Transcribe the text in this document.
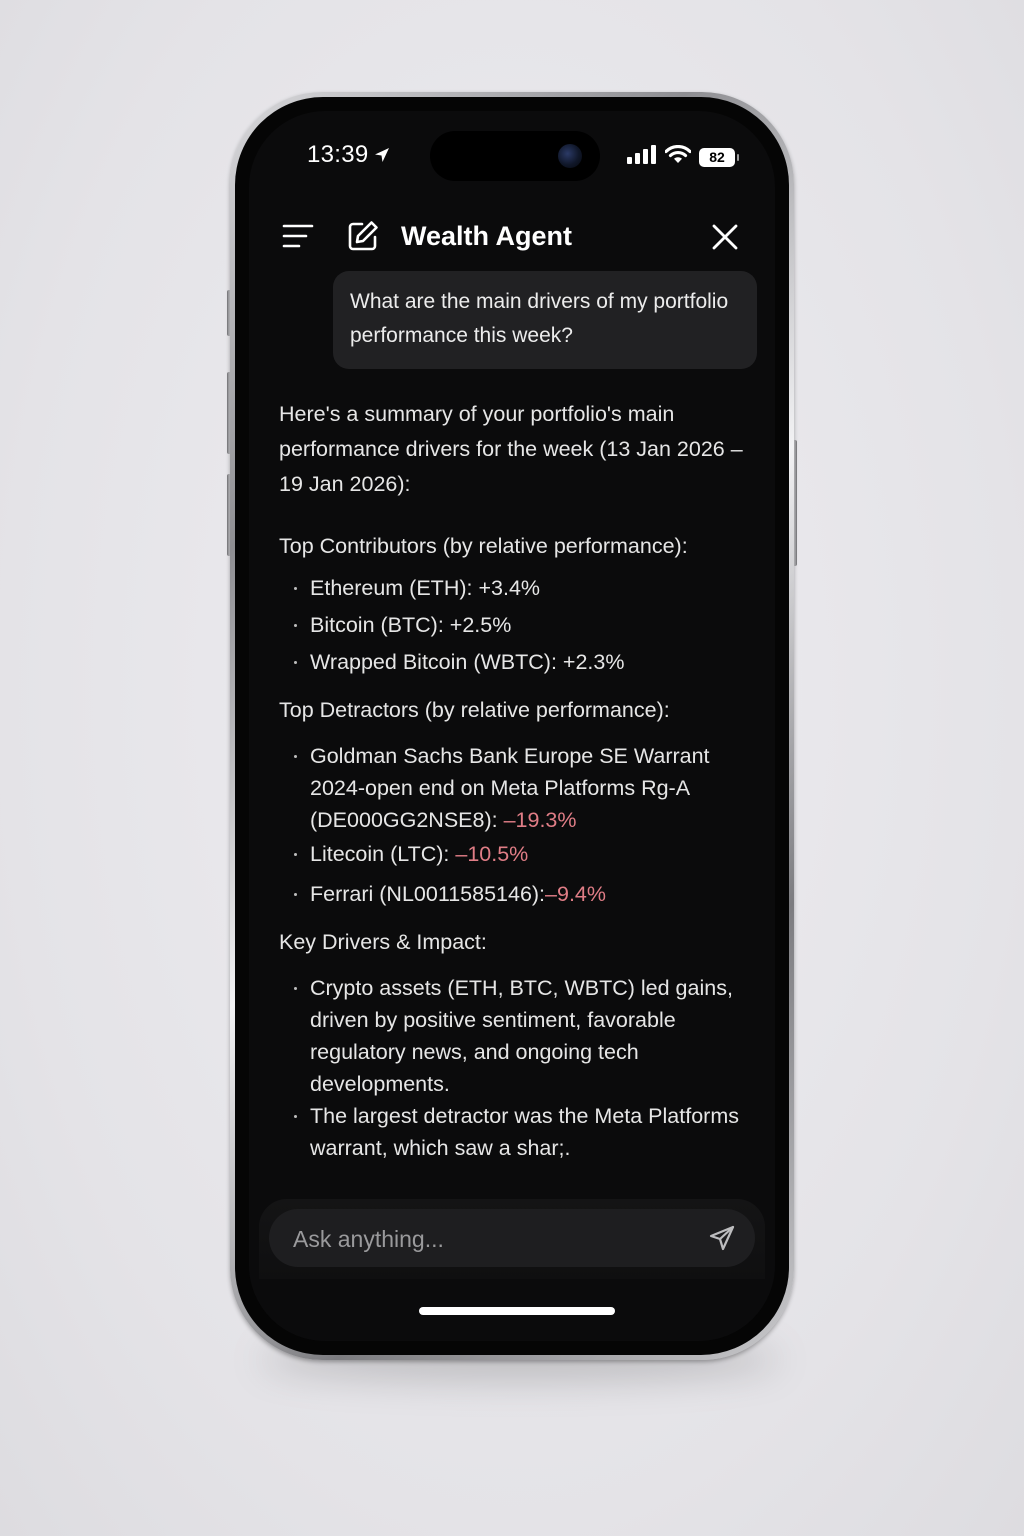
13:39	82
Wealth Agent
What are the main drivers of my portfolio performance this week?

Here's a summary of your portfolio's main performance drivers for the week (13 Jan 2026 – 19 Jan 2026):

Top Contributors (by relative performance):
Ethereum (ETH): +3.4%
Bitcoin (BTC): +2.5%
Wrapped Bitcoin (WBTC): +2.3%
Top Detractors (by relative performance):
Goldman Sachs Bank Europe SE Warrant 2024-open end on Meta Platforms Rg-A (DE000GG2NSE8): –19.3%
Litecoin (LTC): –10.5%
Ferrari (NL0011585146):–9.4%
Key Drivers & Impact:
Crypto assets (ETH, BTC, WBTC) led gains, driven by positive sentiment, favorable regulatory news, and ongoing tech developments.
The largest detractor was the Meta Platforms warrant, which saw a shar;.
Ask anything...
